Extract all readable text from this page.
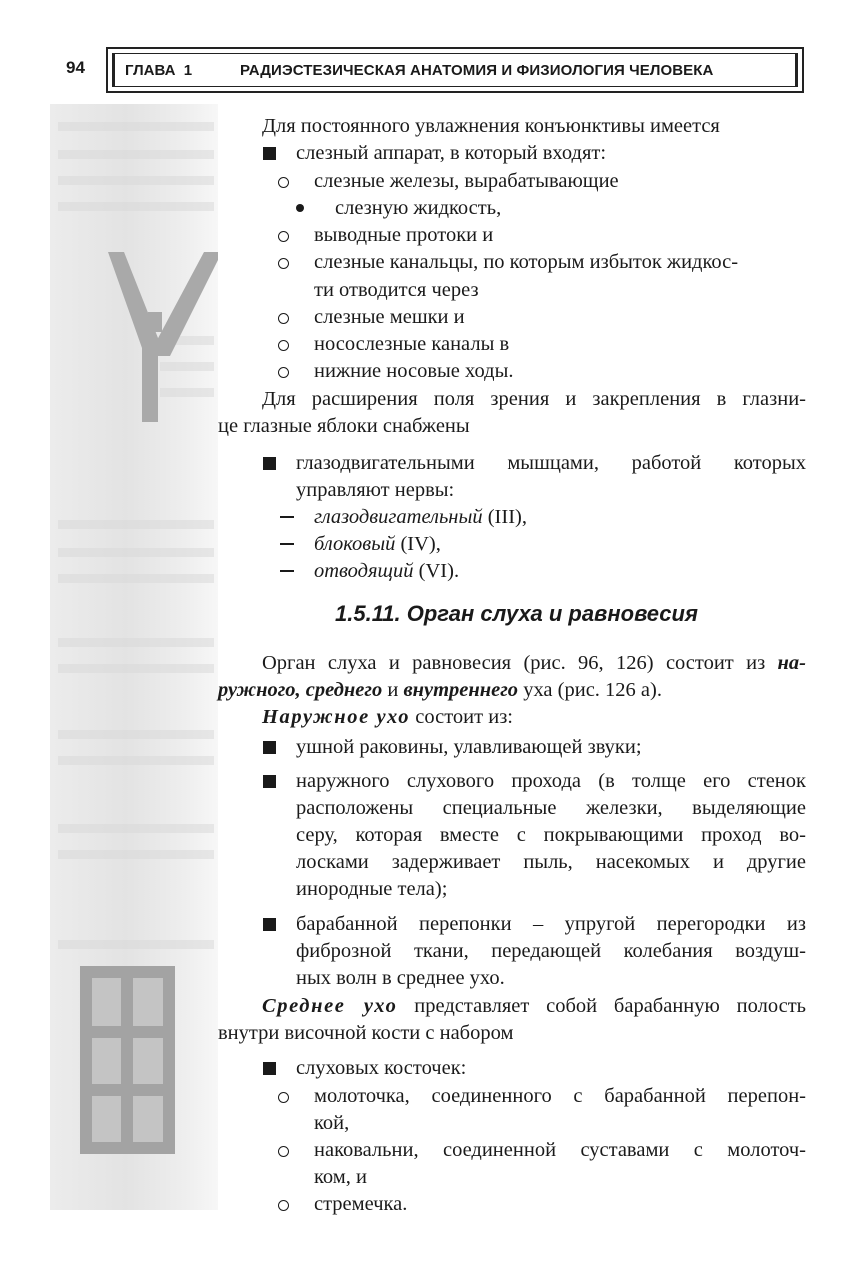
94	ГЛАВА  1	РАДИЭСТЕЗИЧЕСКАЯ АНАТОМИЯ И ФИЗИОЛОГИЯ ЧЕЛОВЕКА
Для постоянного увлажнения конъюнктивы имеется
слезный аппарат, в который входят:
слезные железы, вырабатывающие
слезную жидкость,
выводные протоки и
слезные канальцы, по которым избыток жидкос-
ти отводится через
слезные мешки и
носослезные каналы в
нижние носовые ходы.
Для расширения поля зрения и закрепления в глазни-
це глазные яблоки снабжены
глазодвигательными мышцами, работой которых
управляют нервы:
глазодвигательный (III),
блоковый (IV),
отводящий (VI).
1.5.11. Орган слуха и равновесия
Орган слуха и равновесия (рис. 96, 126) состоит из на-
ружного, среднего и внутреннего уха (рис. 126 а).
Наружное ухо состоит из:
ушной раковины, улавливающей звуки;
наружного слухового прохода (в толще его стенок
расположены специальные железки, выделяющие
серу, которая вместе с покрывающими проход во-
лосками задерживает пыль, насекомых и другие
инородные тела);
барабанной перепонки – упругой перегородки из
фиброзной ткани, передающей колебания воздуш-
ных волн в среднее ухо.
Среднее ухо представляет собой барабанную полость
внутри височной кости с набором
слуховых косточек:
молоточка, соединенного с барабанной перепон-
кой,
наковальни, соединенной суставами с молоточ-
ком, и
стремечка.
